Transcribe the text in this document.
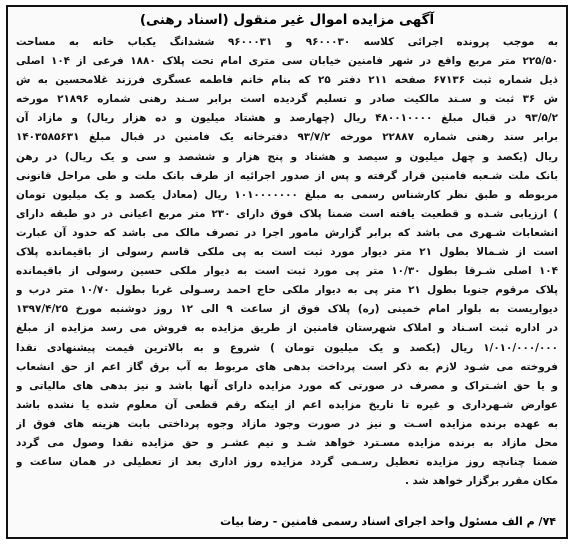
آگهی مزایده اموال غیر منقول (اسناد رهنی)
به موجب پرونده اجرائی کلاسه ۹۶۰۰۰۳۰ و ۹۶۰۰۰۳۱ ششدانگ یکباب خانه به مساحت
۲۲۵/۵۰ متر مربع واقع در شهر فامنین خیابان سی متری امام تحت پلاک ۱۸۸۰ فرعی از ۱۰۴ اصلی
ذیل شماره ثبت ۶۷۱۳۶ صفحه ۲۱۱ دفتر ۲۵ که بنام خانم فاطمه عسگری فرزند غلامحسین به ش
ش ۳۶ ثبت و سـند مالکیت صادر و تسلیم گردیده است برابر سـند رهنی شماره ۲۱۸۹۶ مورخه
۹۳/۵/۲ در قبال مبلغ ۴۸۰۰۱۰۰۰۰ ریال (چهارصد و هشتاد میلیون و ده هزار ریال) و مازاد آن
برابر سند رهنی شماره ۲۲۸۸۷ مورخه ۹۳/۷/۲ دفترخانه یک فامنین در قبال مبلغ ۱۴۰۳۵۸۵۶۳۱
ریال (یکصد و چهل میلیون و سیصد و هشتاد و پنج هزار و ششصد و سی و یک ریال) در رهن
بانک ملت شـعبه فامنین قرار گرفته و پس از صدور اجرائیه از طرف بانک ملت و طی مراحل قانونی
مربوطه و طبق نظر کارشناس رسمی به مبلغ ۱۰۱۰۰۰۰۰۰۰ ریال (معادل یکصد و یک میلیون تومان
) ارزیابی شـده و قطعیت یافته است ضمنا پلاک فوق دارای ۲۳۰ متر مربع اعیانی در دو طبقه دارای
انشعابات شـهری می باشد که برابر گزارش مامور اجرا در تصرف مالک می باشد که حدود آن عبارت
است از شـمالا بطول ۲۱ متر دیوار مورد ثبت است به پی ملکی قاسم رسولی از باقیمانده پلاک
۱۰۴ اصلی شـرقا بطول ۱۰/۳۰ متر پی مورد ثبت است به دیوار ملکی حسین رسولی از باقیمانده
پلاک مرقوم جنوبا بطول ۲۱ متر پی به دیوار ملکی حاج احمد رسـولی غربا بطول ۱۰/۷۰ متر درب و
دیواریست به بلوار امام خمینی (ره) پلاک فوق از ساعت ۹ الی ۱۲ روز دوشنبه مورخ ۱۳۹۷/۴/۲۵
در اداره ثبت اسـناد و املاک شهرستان فامنین از طریق مزایده به فروش می رسد مزایده از مبلغ
۱/۰۱۰/۰۰۰/۰۰۰ ریال (یکصد و یک میلیون تومان ) شروع و به بالاترین قیمت پیشنهادی نقدا
فروخته می شـود لازم به ذکر است پرداخت بدهی های مربوط به آب برق گاز اعم از حق انشعاب
و یا حق اشـتراک و مصرف در صورتی که مورد مزایده دارای آنها باشد و نیز بدهی های مالیاتی و
عوارض شـهرداری و غیره تا تاریخ مزایده اعم از اینکه رقم قطعی آن معلوم شده یا نشده باشد
به عهده برنده مزایده اسـت و نیز در صورت وجود مازاد وجوه پرداختی بابت هزینه های فوق از
محل مازاد به برنده مزایده مسـترد خواهد شـد و نیم عشـر و حق مزایده نقدا وصول می گردد
ضمنا چنانچه روز مزایده تعطیل رسـمی گردد مزایده روز اداری بعد از تعطیلی در همان ساعت و
مکان مقرر برگزار خواهد شد .
۷۴/ م الف مسئول واحد اجرای اسناد رسمی فامنین - رضا بیات
